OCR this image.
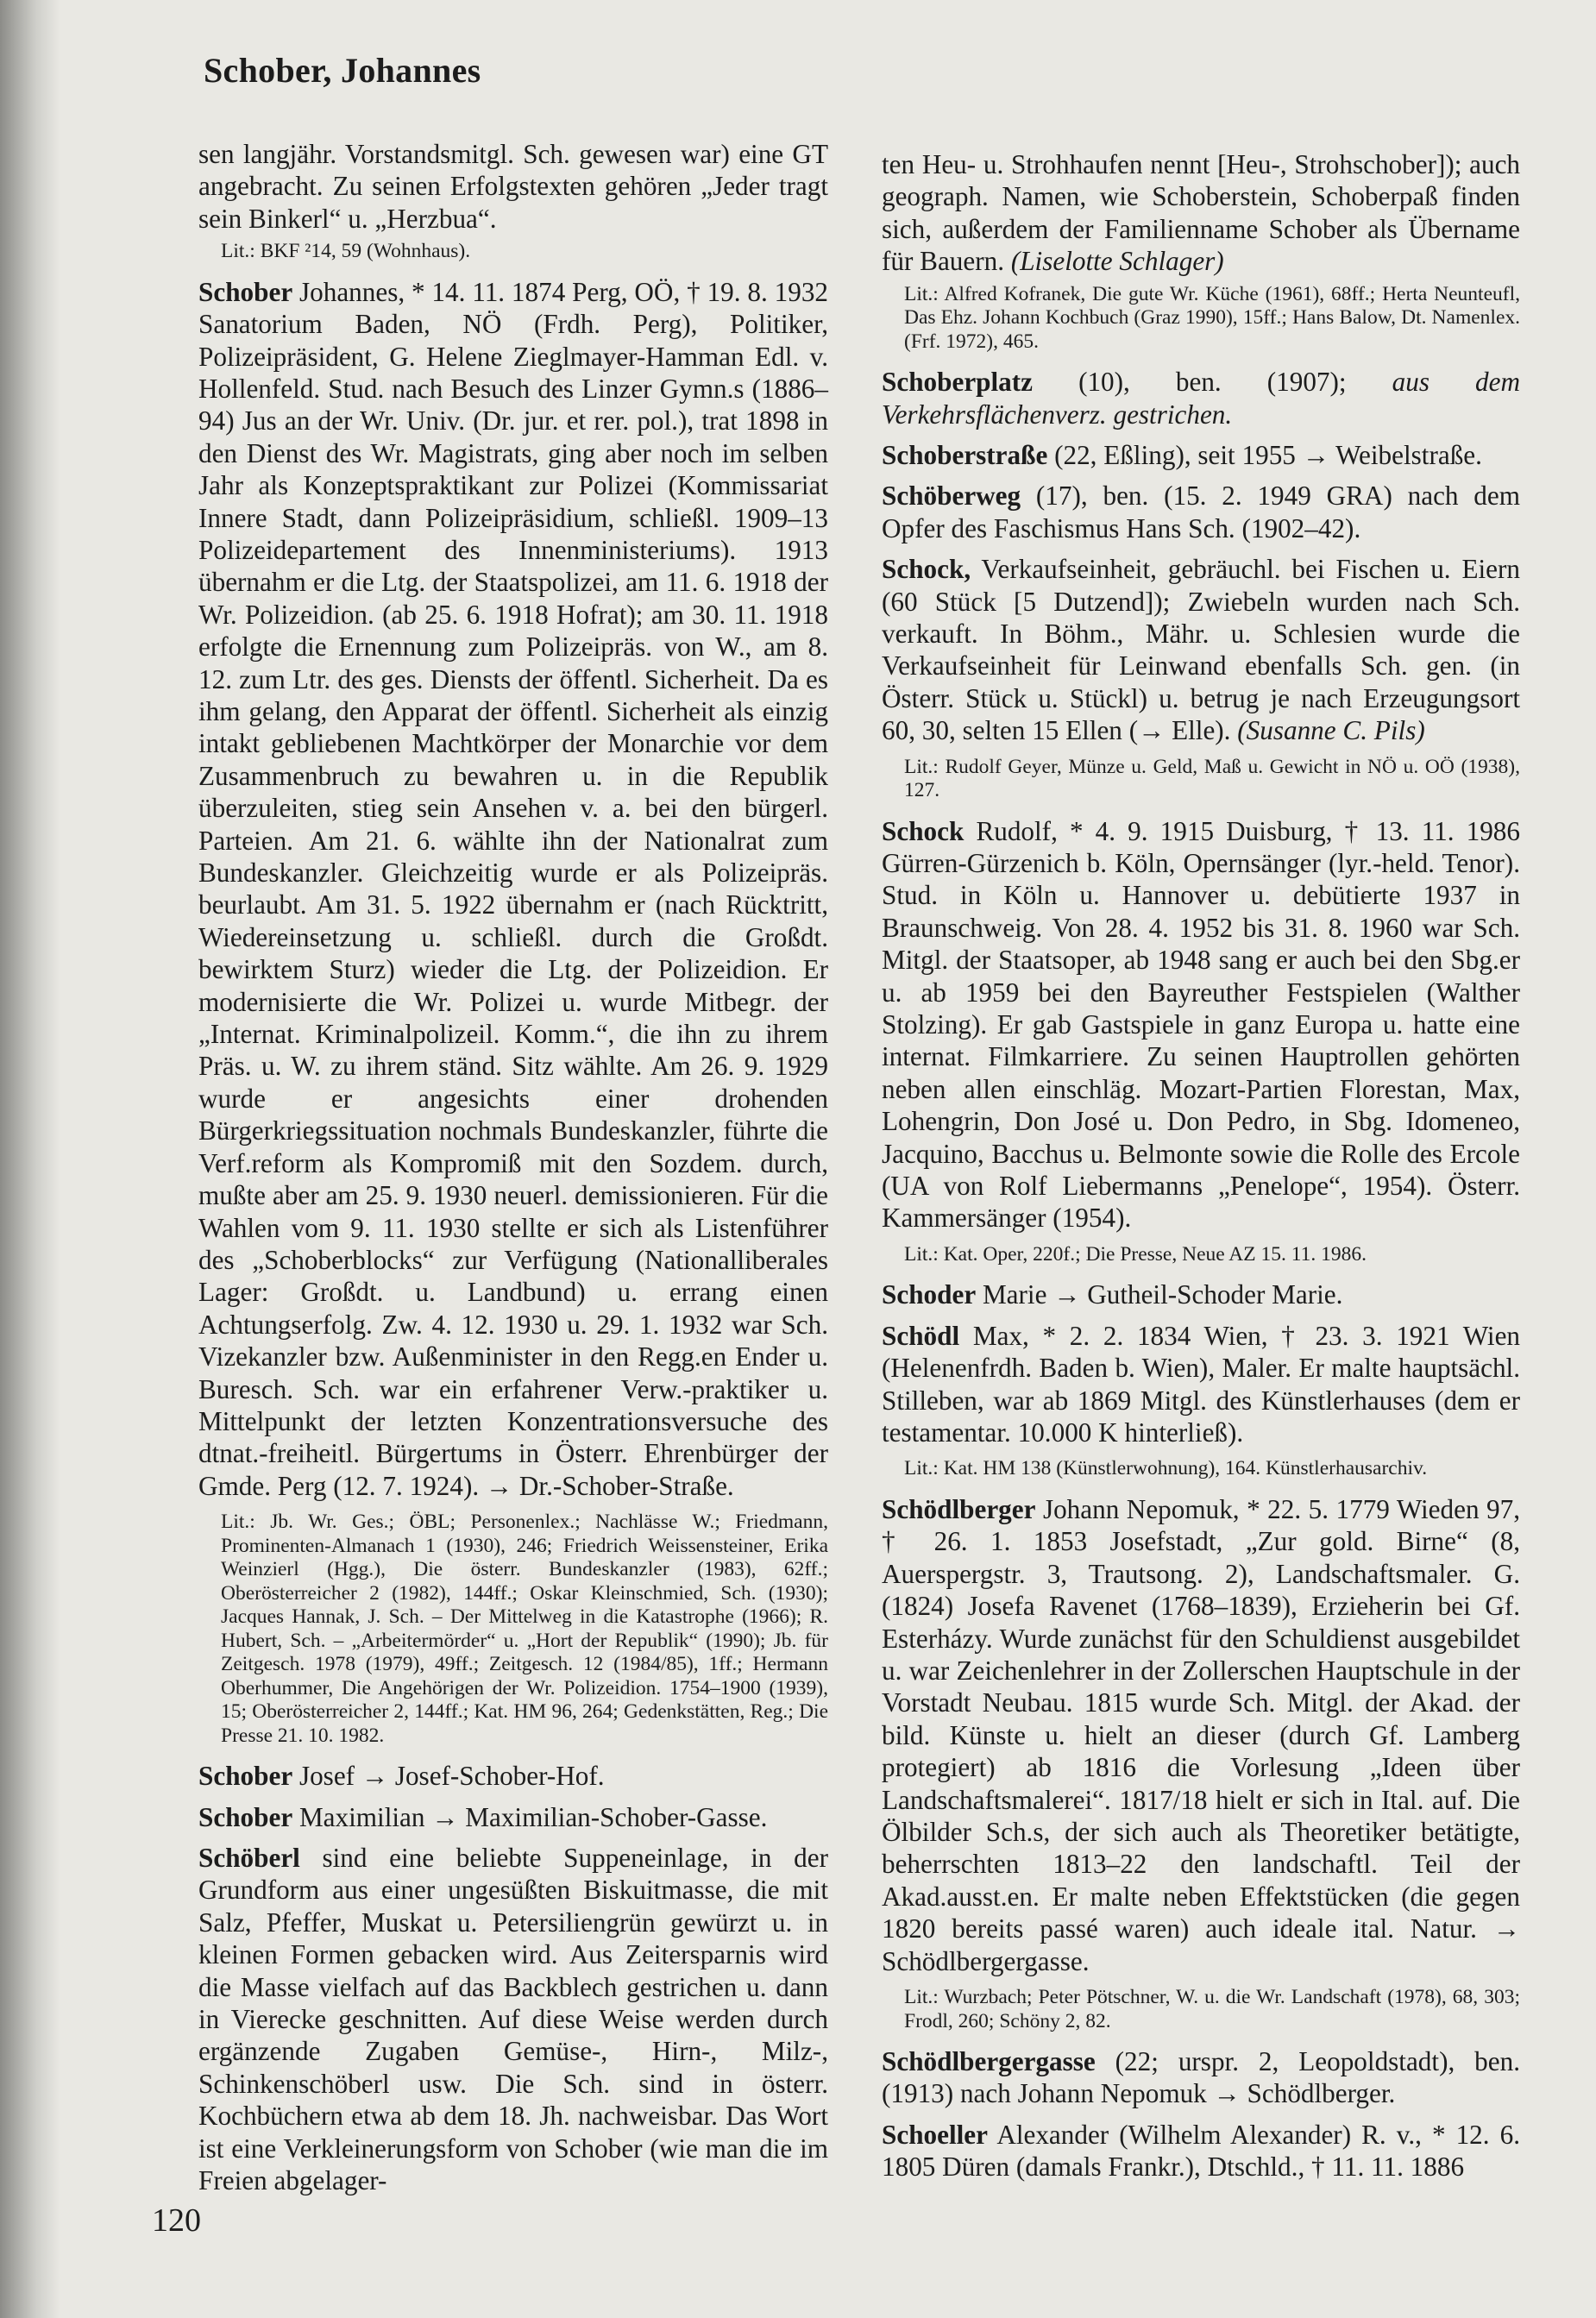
Schober, Johannes

sen langjähr. Vorstandsmitgl. Sch. gewesen war) eine GT angebracht. Zu seinen Erfolgstexten gehören „Jeder tragt sein Binkerl“ u. „Herzbua“.

Lit.: BKF ²14, 59 (Wohnhaus).

Schober Johannes, * 14. 11. 1874 Perg, OÖ, † 19. 8. 1932 Sanatorium Baden, NÖ (Frdh. Perg), Politiker, Polizeipräsident, G. Helene Zieglmayer-Hamman Edl. v. Hollenfeld. Stud. nach Besuch des Linzer Gymn.s (1886–94) Jus an der Wr. Univ. (Dr. jur. et rer. pol.), trat 1898 in den Dienst des Wr. Magistrats, ging aber noch im selben Jahr als Konzeptspraktikant zur Polizei (Kommissariat Innere Stadt, dann Polizeipräsidium, schließl. 1909–13 Polizeidepartement des Innenministeriums). 1913 übernahm er die Ltg. der Staatspolizei, am 11. 6. 1918 der Wr. Polizeidion. (ab 25. 6. 1918 Hofrat); am 30. 11. 1918 erfolgte die Ernennung zum Polizeipräs. von W., am 8. 12. zum Ltr. des ges. Diensts der öffentl. Sicherheit. Da es ihm gelang, den Apparat der öffentl. Sicherheit als einzig intakt gebliebenen Machtkörper der Monarchie vor dem Zusammenbruch zu bewahren u. in die Republik überzuleiten, stieg sein Ansehen v. a. bei den bürgerl. Parteien. Am 21. 6. wählte ihn der Nationalrat zum Bundeskanzler. Gleichzeitig wurde er als Polizeipräs. beurlaubt. Am 31. 5. 1922 übernahm er (nach Rücktritt, Wiedereinsetzung u. schließl. durch die Großdt. bewirktem Sturz) wieder die Ltg. der Polizeidion. Er modernisierte die Wr. Polizei u. wurde Mitbegr. der „Internat. Kriminalpolizeil. Komm.“, die ihn zu ihrem Präs. u. W. zu ihrem ständ. Sitz wählte. Am 26. 9. 1929 wurde er angesichts einer drohenden Bürgerkriegssituation nochmals Bundeskanzler, führte die Verf.reform als Kompromiß mit den Sozdem. durch, mußte aber am 25. 9. 1930 neuerl. demissionieren. Für die Wahlen vom 9. 11. 1930 stellte er sich als Listenführer des „Schoberblocks“ zur Verfügung (Nationalliberales Lager: Großdt. u. Landbund) u. errang einen Achtungserfolg. Zw. 4. 12. 1930 u. 29. 1. 1932 war Sch. Vizekanzler bzw. Außenminister in den Regg.en Ender u. Buresch. Sch. war ein erfahrener Verw.-praktiker u. Mittelpunkt der letzten Konzentrationsversuche des dtnat.-freiheitl. Bürgertums in Österr. Ehrenbürger der Gmde. Perg (12. 7. 1924). → Dr.-Schober-Straße.

Lit.: Jb. Wr. Ges.; ÖBL; Personenlex.; Nachlässe W.; Friedmann, Prominenten-Almanach 1 (1930), 246; Friedrich Weissensteiner, Erika Weinzierl (Hgg.), Die österr. Bundeskanzler (1983), 62ff.; Oberösterreicher 2 (1982), 144ff.; Oskar Kleinschmied, Sch. (1930); Jacques Hannak, J. Sch. – Der Mittelweg in die Katastrophe (1966); R. Hubert, Sch. – „Arbeitermörder“ u. „Hort der Republik“ (1990); Jb. für Zeitgesch. 1978 (1979), 49ff.; Zeitgesch. 12 (1984/85), 1ff.; Hermann Oberhummer, Die Angehörigen der Wr. Polizeidion. 1754–1900 (1939), 15; Oberösterreicher 2, 144ff.; Kat. HM 96, 264; Gedenkstätten, Reg.; Die Presse 21. 10. 1982.

Schober Josef → Josef-Schober-Hof.

Schober Maximilian → Maximilian-Schober-Gasse.

Schöberl sind eine beliebte Suppeneinlage, in der Grundform aus einer ungesüßten Biskuitmasse, die mit Salz, Pfeffer, Muskat u. Petersiliengrün gewürzt u. in kleinen Formen gebacken wird. Aus Zeitersparnis wird die Masse vielfach auf das Backblech gestrichen u. dann in Vierecke geschnitten. Auf diese Weise werden durch ergänzende Zugaben Gemüse-, Hirn-, Milz-, Schinkenschöberl usw. Die Sch. sind in österr. Kochbüchern etwa ab dem 18. Jh. nachweisbar. Das Wort ist eine Verkleinerungsform von Schober (wie man die im Freien abgelager-

ten Heu- u. Strohhaufen nennt [Heu-, Strohschober]); auch geograph. Namen, wie Schoberstein, Schoberpaß finden sich, außerdem der Familienname Schober als Übername für Bauern. (Liselotte Schlager)

Lit.: Alfred Kofranek, Die gute Wr. Küche (1961), 68ff.; Herta Neunteufl, Das Ehz. Johann Kochbuch (Graz 1990), 15ff.; Hans Balow, Dt. Namenlex. (Frf. 1972), 465.

Schoberplatz (10), ben. (1907); aus dem Verkehrsflächenverz. gestrichen.

Schoberstraße (22, Eßling), seit 1955 → Weibelstraße.

Schöberweg (17), ben. (15. 2. 1949 GRA) nach dem Opfer des Faschismus Hans Sch. (1902–42).

Schock, Verkaufseinheit, gebräuchl. bei Fischen u. Eiern (60 Stück [5 Dutzend]); Zwiebeln wurden nach Sch. verkauft. In Böhm., Mähr. u. Schlesien wurde die Verkaufseinheit für Leinwand ebenfalls Sch. gen. (in Österr. Stück u. Stückl) u. betrug je nach Erzeugungsort 60, 30, selten 15 Ellen (→ Elle). (Susanne C. Pils)

Lit.: Rudolf Geyer, Münze u. Geld, Maß u. Gewicht in NÖ u. OÖ (1938), 127.

Schock Rudolf, * 4. 9. 1915 Duisburg, † 13. 11. 1986 Gürren-Gürzenich b. Köln, Opernsänger (lyr.-held. Tenor). Stud. in Köln u. Hannover u. debütierte 1937 in Braunschweig. Von 28. 4. 1952 bis 31. 8. 1960 war Sch. Mitgl. der Staatsoper, ab 1948 sang er auch bei den Sbg.er u. ab 1959 bei den Bayreuther Festspielen (Walther Stolzing). Er gab Gastspiele in ganz Europa u. hatte eine internat. Filmkarriere. Zu seinen Hauptrollen gehörten neben allen einschläg. Mozart-Partien Florestan, Max, Lohengrin, Don José u. Don Pedro, in Sbg. Idomeneo, Jacquino, Bacchus u. Belmonte sowie die Rolle des Ercole (UA von Rolf Liebermanns „Penelope“, 1954). Österr. Kammersänger (1954).

Lit.: Kat. Oper, 220f.; Die Presse, Neue AZ 15. 11. 1986.

Schoder Marie → Gutheil-Schoder Marie.

Schödl Max, * 2. 2. 1834 Wien, † 23. 3. 1921 Wien (Helenenfrdh. Baden b. Wien), Maler. Er malte hauptsächl. Stilleben, war ab 1869 Mitgl. des Künstlerhauses (dem er testamentar. 10.000 K hinterließ).

Lit.: Kat. HM 138 (Künstlerwohnung), 164. Künstlerhausarchiv.

Schödlberger Johann Nepomuk, * 22. 5. 1779 Wieden 97, † 26. 1. 1853 Josefstadt, „Zur gold. Birne“ (8, Auerspergstr. 3, Trautsong. 2), Landschaftsmaler. G. (1824) Josefa Ravenet (1768–1839), Erzieherin bei Gf. Esterházy. Wurde zunächst für den Schuldienst ausgebildet u. war Zeichenlehrer in der Zollerschen Hauptschule in der Vorstadt Neubau. 1815 wurde Sch. Mitgl. der Akad. der bild. Künste u. hielt an dieser (durch Gf. Lamberg protegiert) ab 1816 die Vorlesung „Ideen über Landschaftsmalerei“. 1817/18 hielt er sich in Ital. auf. Die Ölbilder Sch.s, der sich auch als Theoretiker betätigte, beherrschten 1813–22 den landschaftl. Teil der Akad.ausst.en. Er malte neben Effektstücken (die gegen 1820 bereits passé waren) auch ideale ital. Natur. → Schödlbergergasse.

Lit.: Wurzbach; Peter Pötschner, W. u. die Wr. Landschaft (1978), 68, 303; Frodl, 260; Schöny 2, 82.

Schödlbergergasse (22; urspr. 2, Leopoldstadt), ben. (1913) nach Johann Nepomuk → Schödlberger.

Schoeller Alexander (Wilhelm Alexander) R. v., * 12. 6. 1805 Düren (damals Frankr.), Dtschld., † 11. 11. 1886

120
